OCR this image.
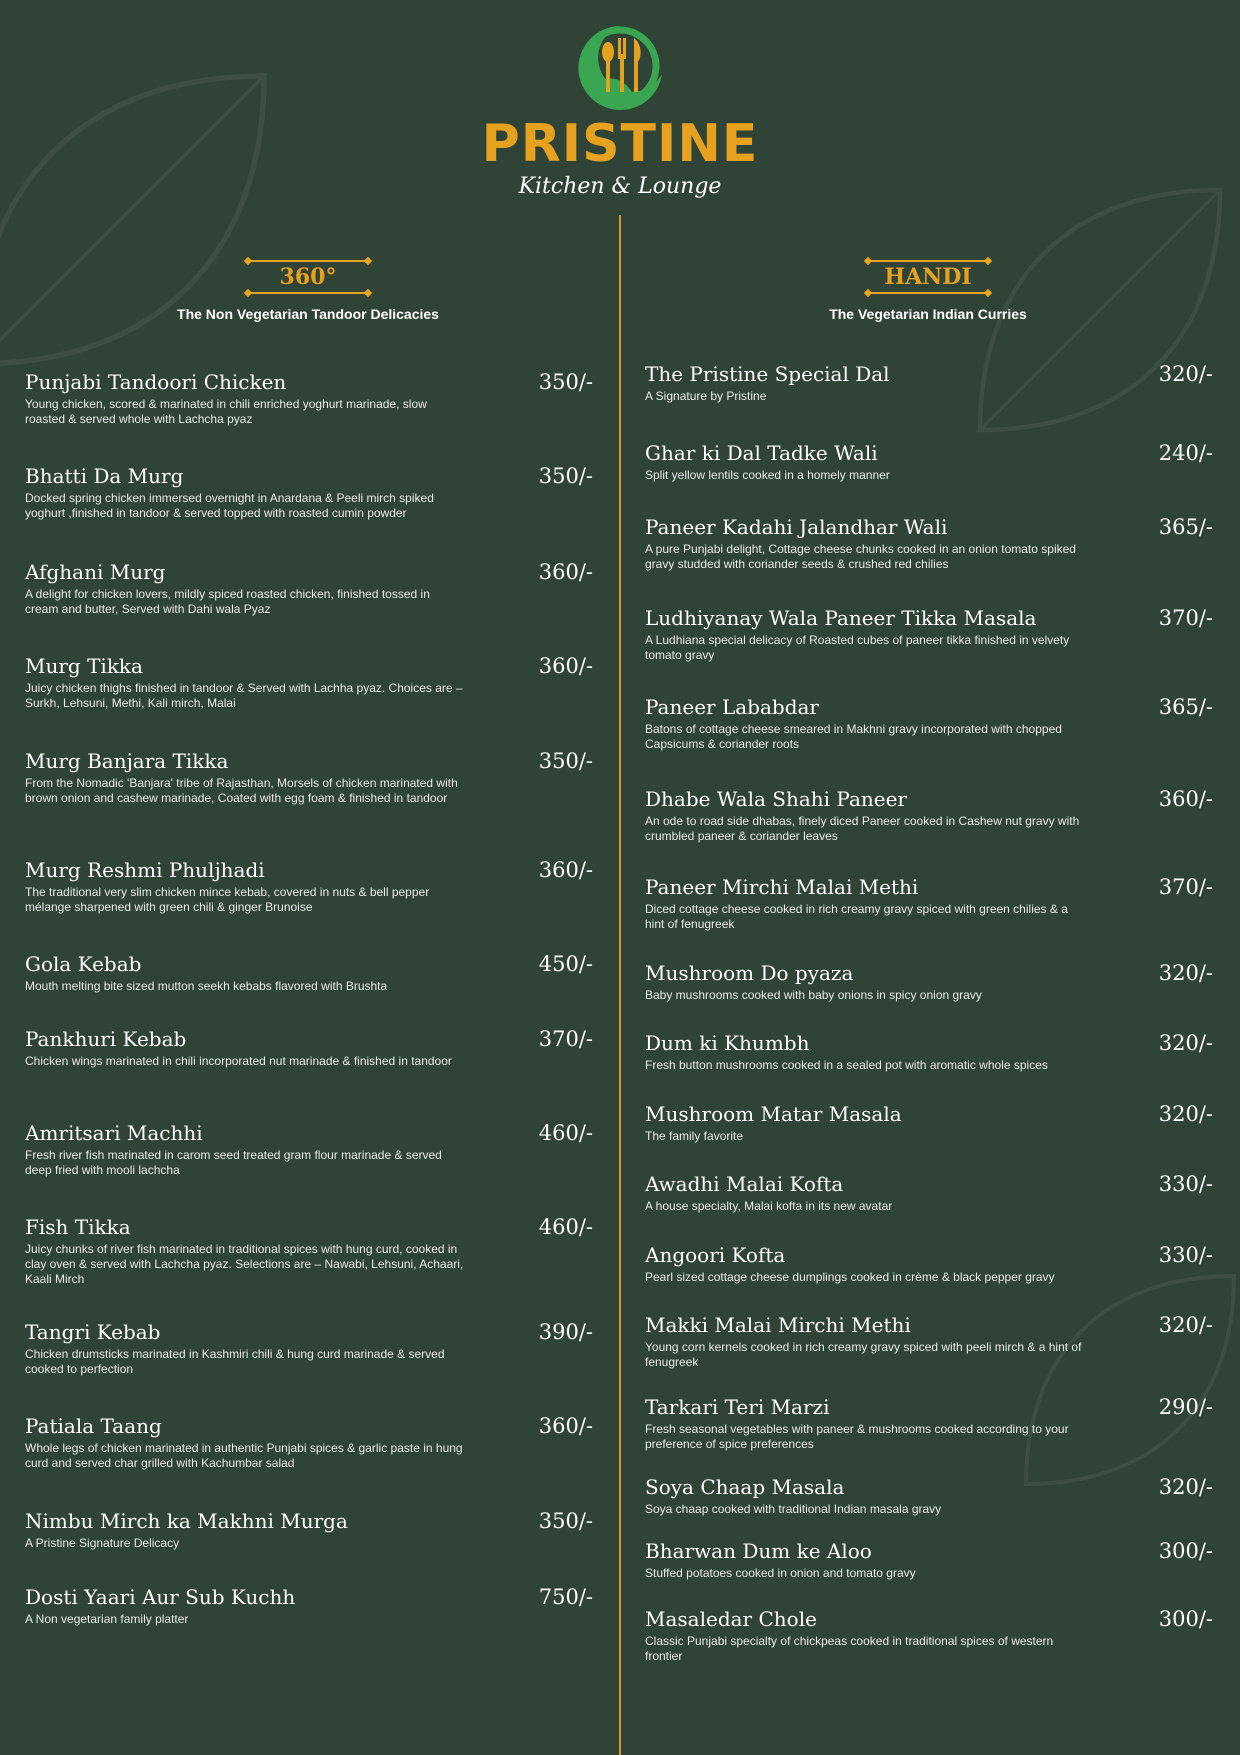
PRISTINE
Kitchen & Lounge
360°
The Non Vegetarian Tandoor Delicacies
HANDI
The Vegetarian Indian Curries
Punjabi Tandoori Chicken	350/-
Young chicken, scored & marinated in chili enriched yoghurt marinade, slow roasted & served whole with Lachcha pyaz
Bhatti Da Murg	350/-
Docked spring chicken immersed overnight in Anardana & Peeli mirch spiked yoghurt ,finished in tandoor & served topped with roasted cumin powder
Afghani Murg	360/-
A delight for chicken lovers, mildly spiced roasted chicken, finished tossed in cream and butter, Served with Dahi wala Pyaz
Murg Tikka	360/-
Juicy chicken thighs finished in tandoor & Served with Lachha pyaz. Choices are – Surkh, Lehsuni, Methi, Kali mirch, Malai
Murg Banjara Tikka	350/-
From the Nomadic 'Banjara' tribe of Rajasthan, Morsels of chicken marinated with brown onion and cashew marinade, Coated with egg foam & finished in tandoor
Murg Reshmi Phuljhadi	360/-
The traditional very slim chicken mince kebab, covered in nuts & bell pepper mélange sharpened with green chili & ginger Brunoise
Gola Kebab	450/-
Mouth melting bite sized mutton seekh kebabs flavored with Brushta
Pankhuri Kebab	370/-
Chicken wings marinated in chili incorporated nut marinade & finished in tandoor
Amritsari Machhi	460/-
Fresh river fish marinated in carom seed treated gram flour marinade & served deep fried with mooli lachcha
Fish Tikka	460/-
Juicy chunks of river fish marinated in traditional spices with hung curd, cooked in clay oven & served with Lachcha pyaz. Selections are – Nawabi, Lehsuni, Achaari, Kaali Mirch
Tangri Kebab	390/-
Chicken drumsticks marinated in Kashmiri chili & hung curd marinade & served cooked to perfection
Patiala Taang	360/-
Whole legs of chicken marinated in authentic Punjabi spices & garlic paste in hung curd and served char grilled with Kachumbar salad
Nimbu Mirch ka Makhni Murga	350/-
A Pristine Signature Delicacy
Dosti Yaari Aur Sub Kuchh	750/-
A Non vegetarian family platter
The Pristine Special Dal	320/-
A Signature by Pristine
Ghar ki Dal Tadke Wali	240/-
Split yellow lentils cooked in a homely manner
Paneer Kadahi Jalandhar Wali	365/-
A pure Punjabi delight, Cottage cheese chunks cooked in an onion tomato spiked gravy studded with coriander seeds & crushed red chilies
Ludhiyanay Wala Paneer Tikka Masala	370/-
A Ludhiana special delicacy of Roasted cubes of paneer tikka finished in velvety tomato gravy
Paneer Lababdar	365/-
Batons of cottage cheese smeared in Makhni gravy incorporated with chopped Capsicums & coriander roots
Dhabe Wala Shahi Paneer	360/-
An ode to road side dhabas, finely diced Paneer cooked in Cashew nut gravy with crumbled paneer & coriander leaves
Paneer Mirchi Malai Methi	370/-
Diced cottage cheese cooked in rich creamy gravy spiced with green chilies & a hint of fenugreek
Mushroom Do pyaza	320/-
Baby mushrooms cooked with baby onions in spicy onion gravy
Dum ki Khumbh	320/-
Fresh button mushrooms cooked in a sealed pot with aromatic whole spices
Mushroom Matar Masala	320/-
The family favorite
Awadhi Malai Kofta	330/-
A house specialty, Malai kofta in its new avatar
Angoori Kofta	330/-
Pearl sized cottage cheese dumplings cooked in crème & black pepper gravy
Makki Malai Mirchi Methi	320/-
Young corn kernels cooked in rich creamy gravy spiced with peeli mirch & a hint of fenugreek
Tarkari Teri Marzi	290/-
Fresh seasonal vegetables with paneer & mushrooms cooked according to your preference of spice preferences
Soya Chaap Masala	320/-
Soya chaap cooked with traditional Indian masala gravy
Bharwan Dum ke Aloo	300/-
Stuffed potatoes cooked in onion and tomato gravy
Masaledar Chole	300/-
Classic Punjabi specialty of chickpeas cooked in traditional spices of western frontier
